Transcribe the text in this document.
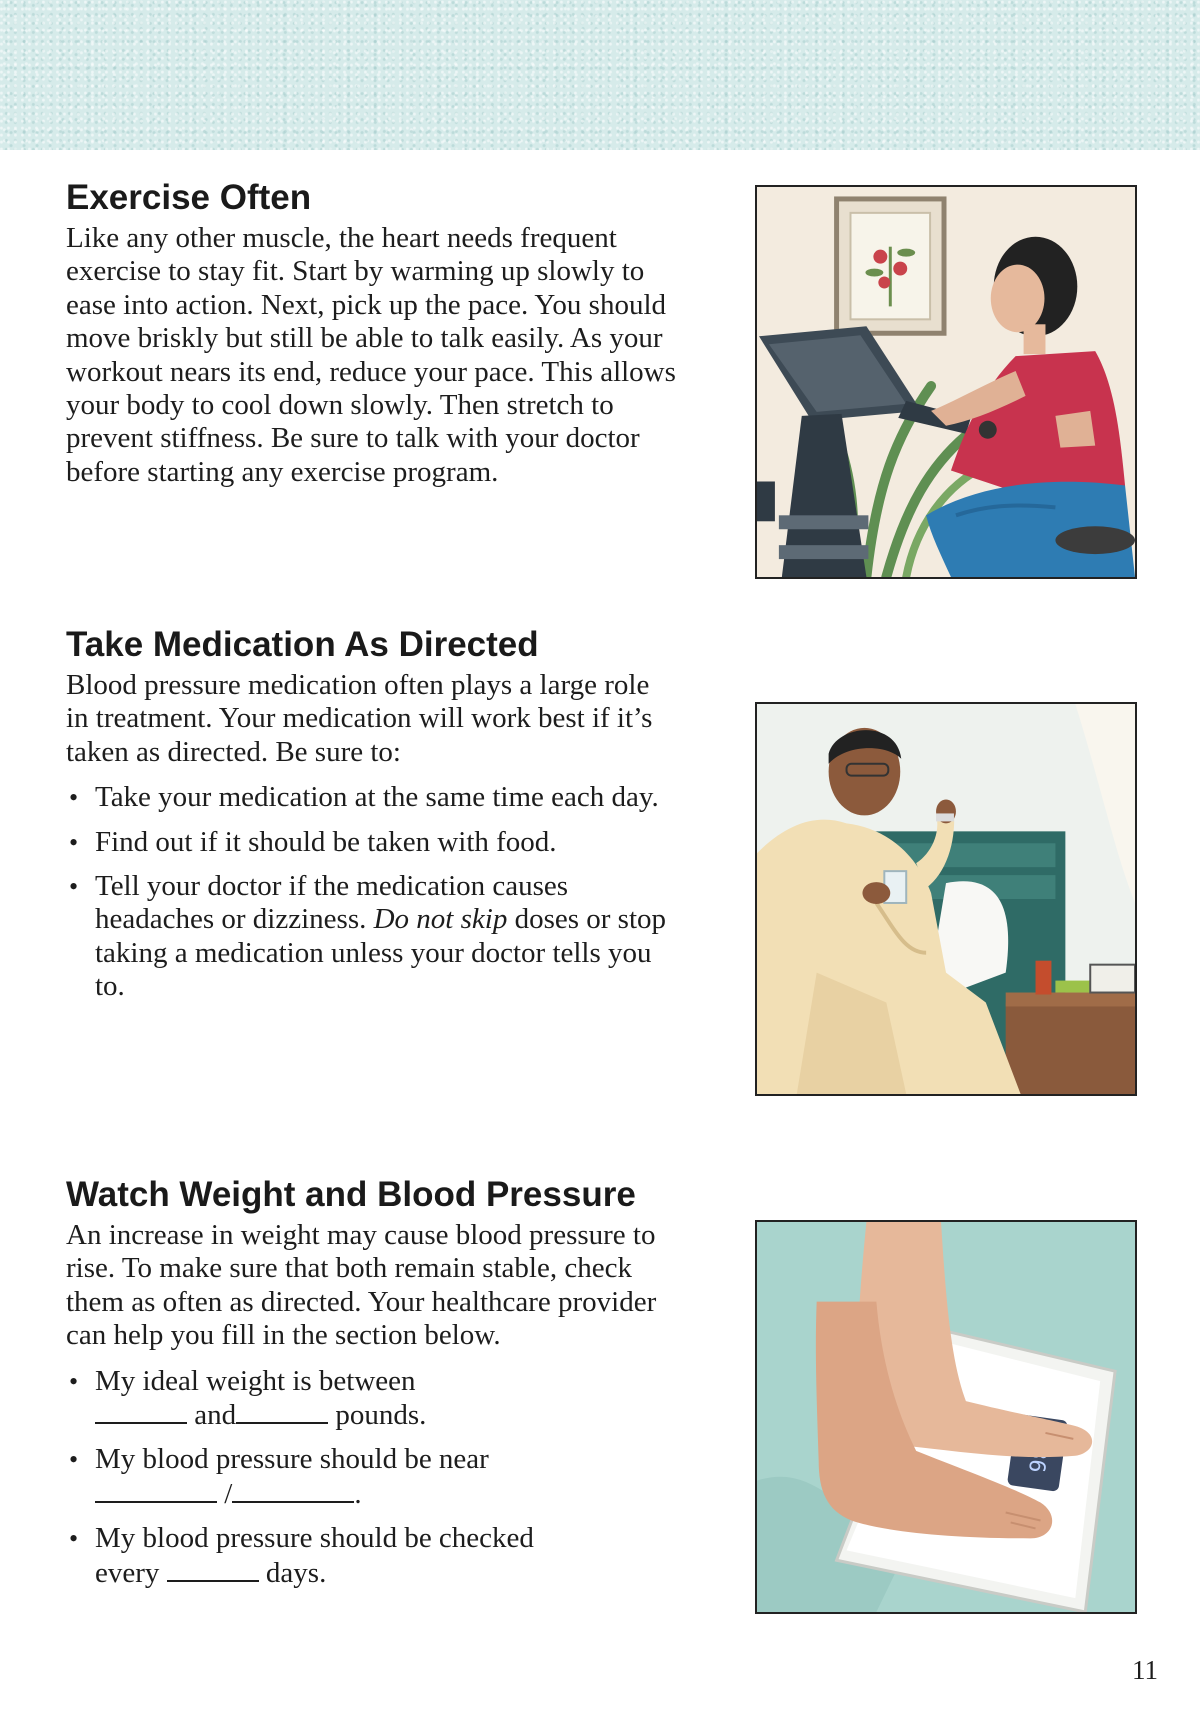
Exercise Often

Like any other muscle, the heart needs frequent exercise to stay fit. Start by warming up slowly to ease into action. Next, pick up the pace. You should move briskly but still be able to talk easily. As your workout nears its end, reduce your pace. This allows your body to cool down slowly. Then stretch to prevent stiffness. Be sure to talk with your doctor before starting any exercise program.

Take Medication As Directed

Blood pressure medication often plays a large role in treatment. Your medication will work best if it’s taken as directed. Be sure to:

• Take your medication at the same time each day.
• Find out if it should be taken with food.
• Tell your doctor if the medication causes headaches or dizziness. Do not skip doses or stop taking a medication unless your doctor tells you to.
Watch Weight and Blood Pressure

An increase in weight may cause blood pressure to rise. To make sure that both remain stable, check them as often as directed. Your healthcare provider can help you fill in the section below.

• My ideal weight is between
and	pounds.
• My blood pressure should be near
/	.
• My blood pressure should be checked
every	days.
11
